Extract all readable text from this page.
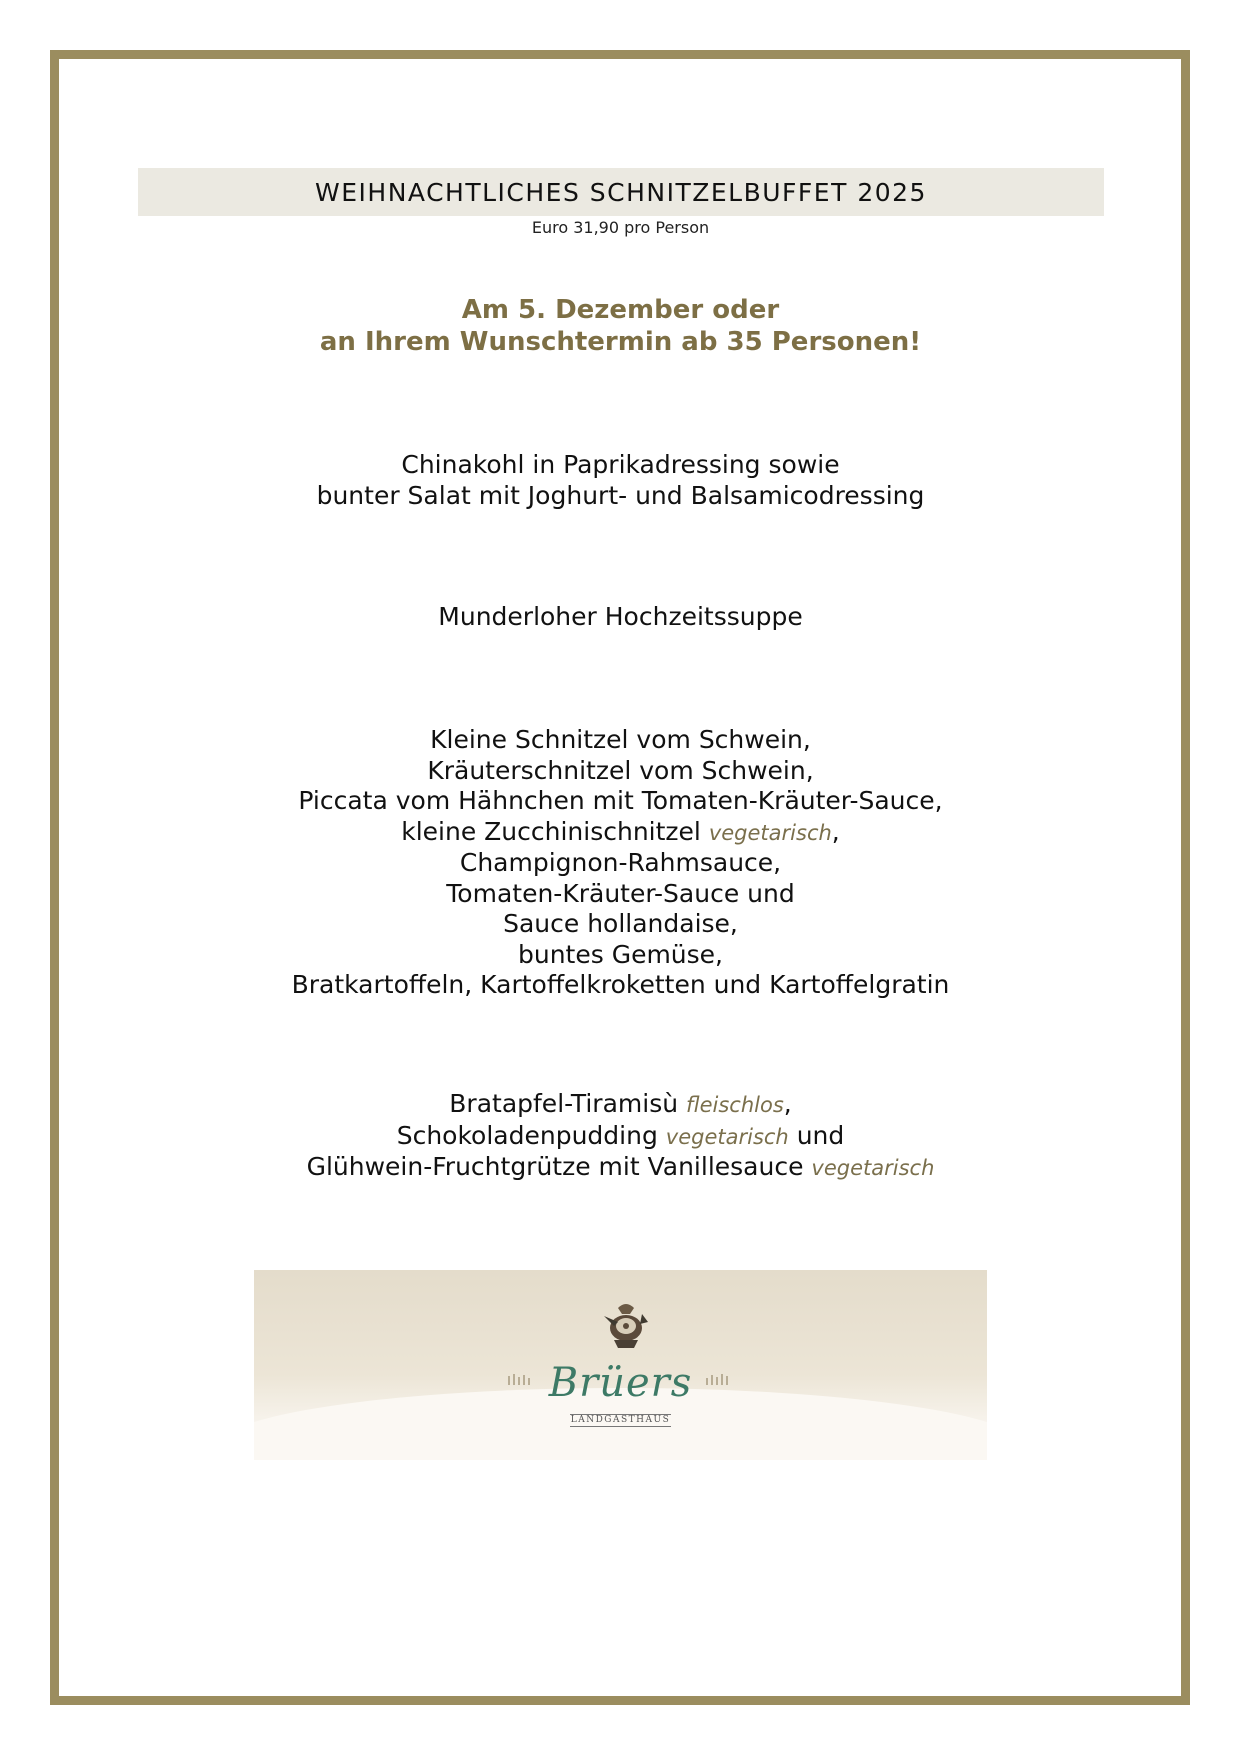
WEIHNACHTLICHES SCHNITZELBUFFET 2025
Euro 31,90 pro Person
Am 5. Dezember oder
an Ihrem Wunschtermin ab 35 Personen!
Chinakohl in Paprikadressing sowie
bunter Salat mit Joghurt- und Balsamicodressing
Munderloher Hochzeitssuppe
Kleine Schnitzel vom Schwein,
Kräuterschnitzel vom Schwein,
Piccata vom Hähnchen mit Tomaten-Kräuter-Sauce,
kleine Zucchinischnitzel vegetarisch,
Champignon-Rahmsauce,
Tomaten-Kräuter-Sauce und
Sauce hollandaise,
buntes Gemüse,
Bratkartoffeln, Kartoffelkroketten und Kartoffelgratin
Bratapfel-Tiramisù fleischlos,
Schokoladenpudding vegetarisch und
Glühwein-Fruchtgrütze mit Vanillesauce vegetarisch
Brüers
LANDGASTHAUS
